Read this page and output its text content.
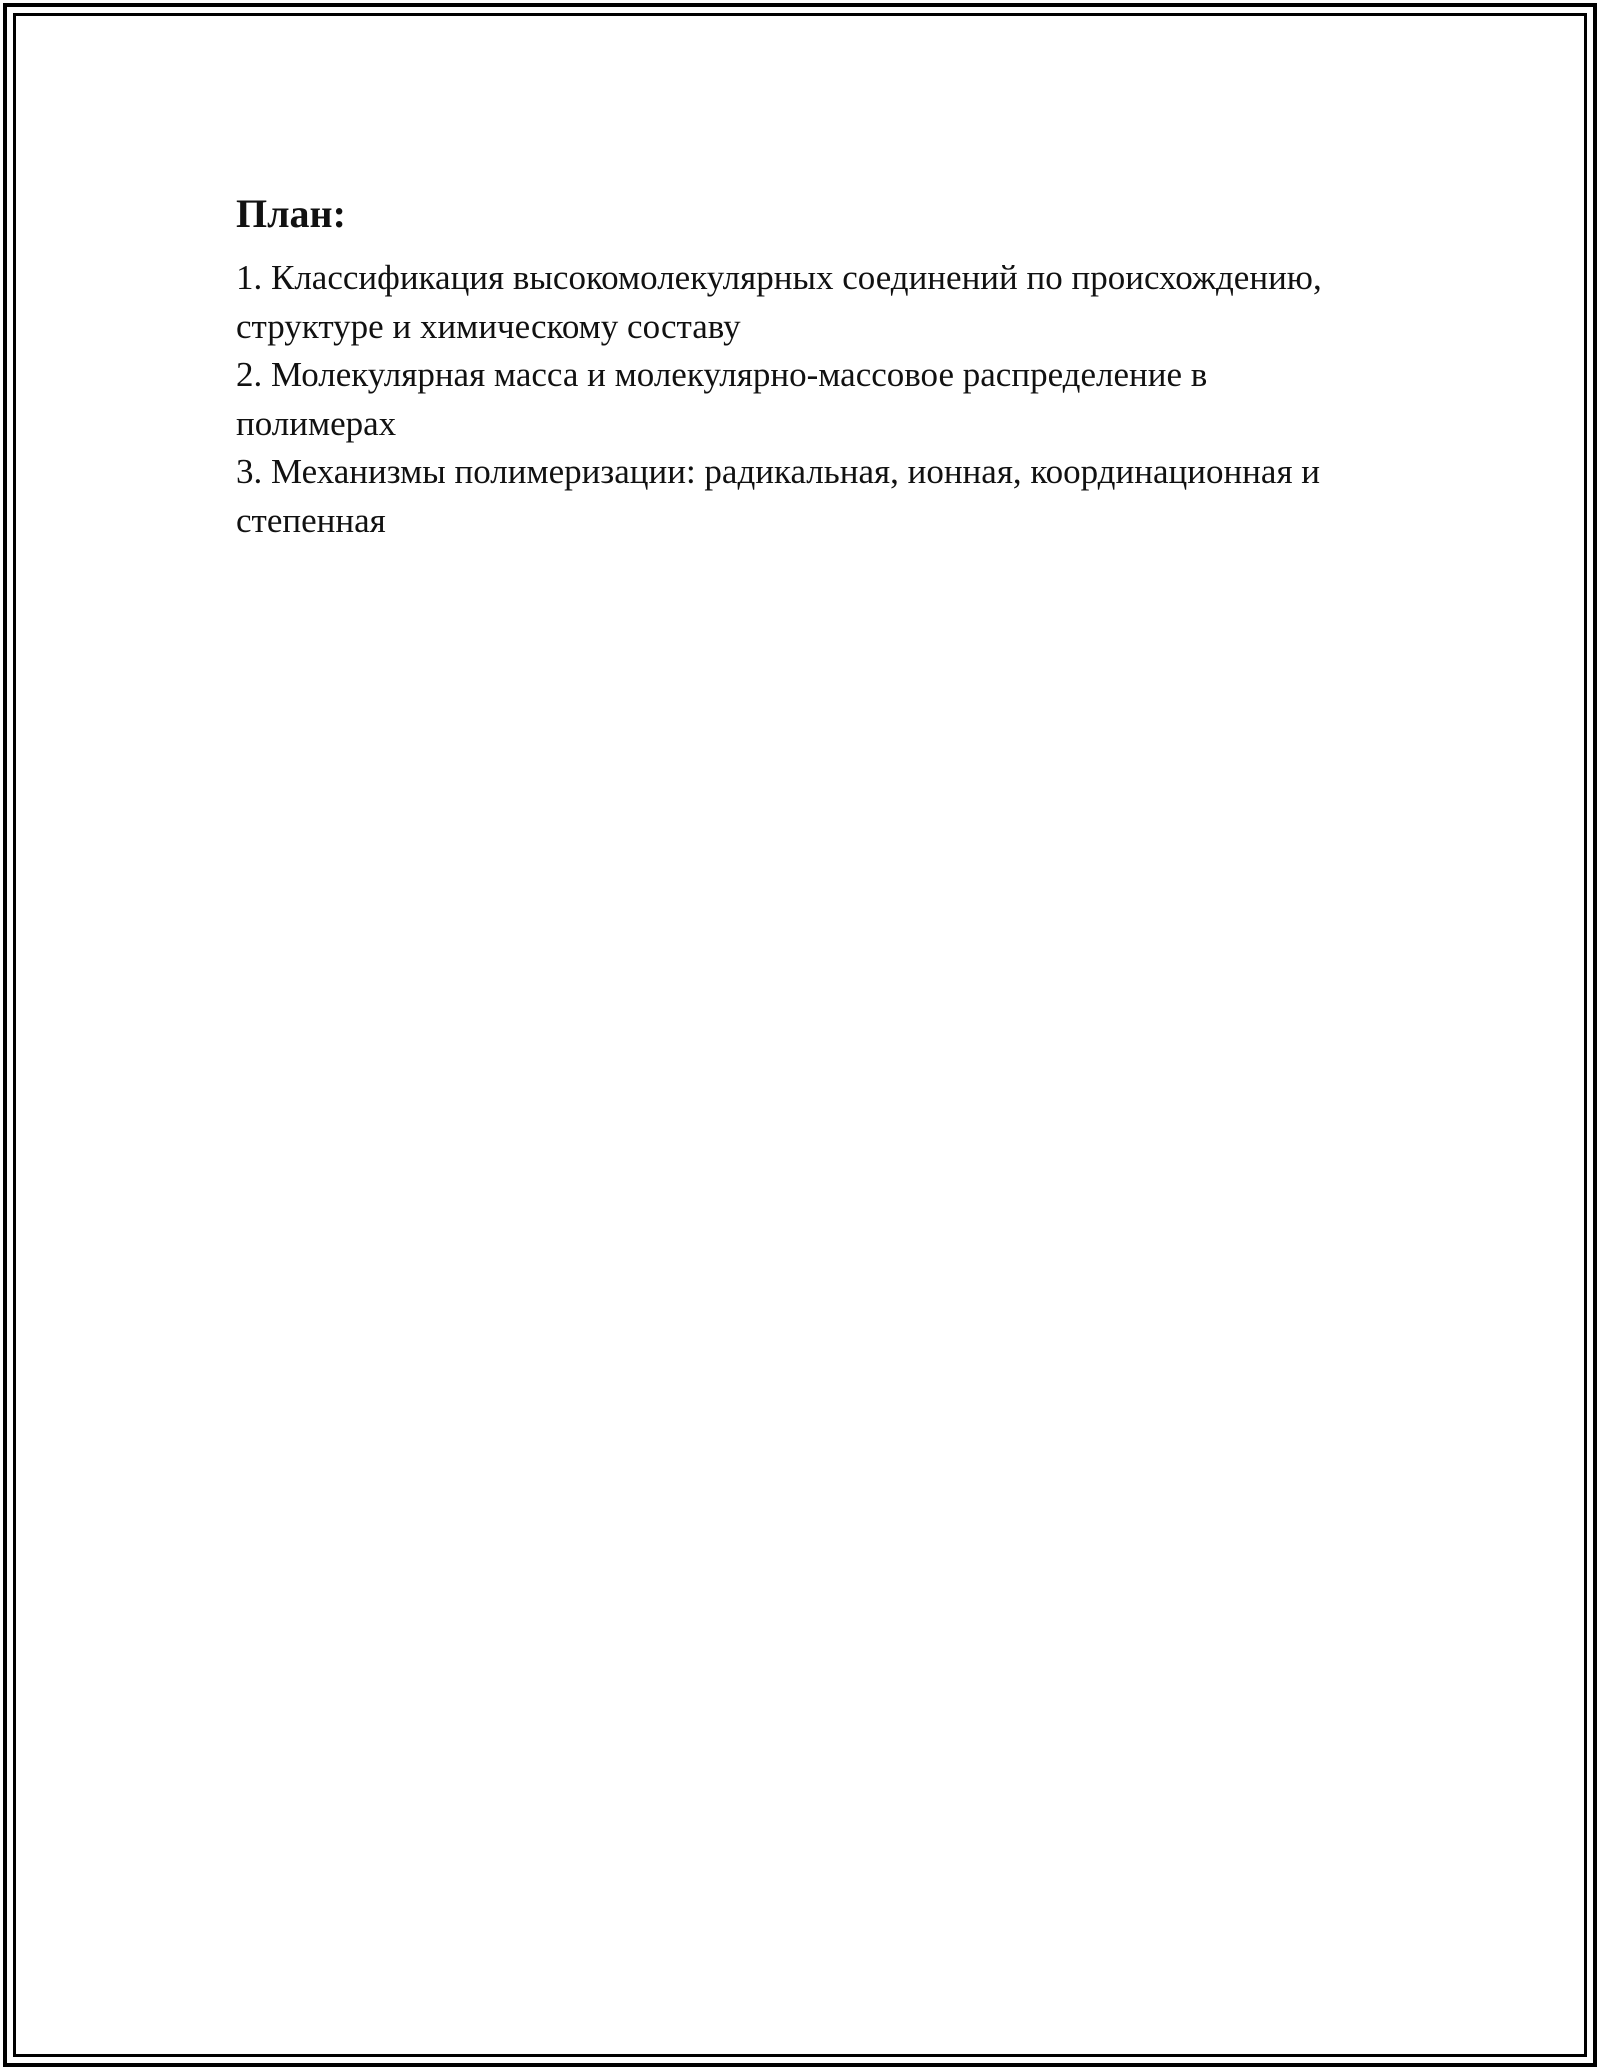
План:
1. Классификация высокомолекулярных соединений по происхождению, структуре и химическому составу
2. Молекулярная масса и молекулярно-массовое распределение в полимерах
3. Механизмы полимеризации: радикальная, ионная, координационная и степенная
